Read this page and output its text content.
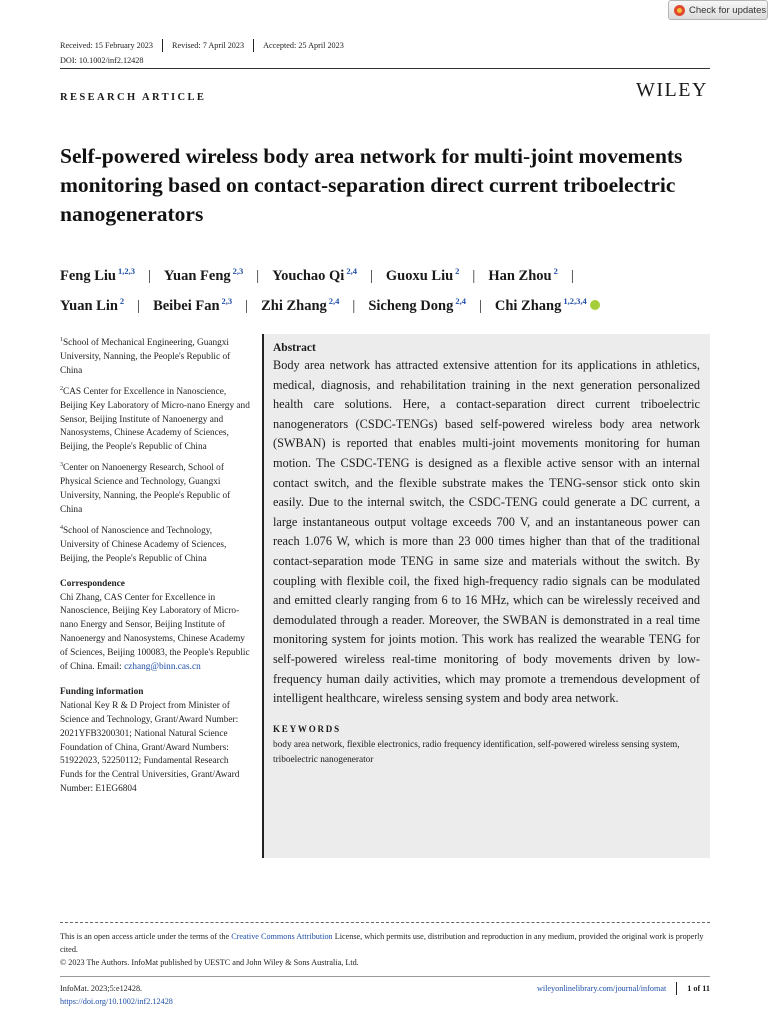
Check for updates
Received: 15 February 2023	Revised: 7 April 2023	Accepted: 25 April 2023
DOI: 10.1002/inf2.12428
RESEARCH ARTICLE	WILEY
Self-powered wireless body area network for multi-joint movements monitoring based on contact-separation direct current triboelectric nanogenerators
Feng Liu $^{1,2,3}$ | Yuan Feng $^{2,3}$ | Youchao Qi $^{2,4}$ | Guoxu Liu $^2$ | Han Zhou $^2$ |
Yuan Lin $^2$ | Beibei Fan $^{2,3}$ | Zhi Zhang $^{2,4}$ | Sicheng Dong $^{2,4}$ | Chi Zhang $^{1,2,3,4}$
$^1$School of Mechanical Engineering, Guangxi University, Nanning, the People's Republic of China
$^2$CAS Center for Excellence in Nanoscience, Beijing Key Laboratory of Micro-nano Energy and Sensor, Beijing Institute of Nanoenergy and Nanosystems, Chinese Academy of Sciences, Beijing, the People's Republic of China
$^3$Center on Nanoenergy Research, School of Physical Science and Technology, Guangxi University, Nanning, the People's Republic of China
$^4$School of Nanoscience and Technology, University of Chinese Academy of Sciences, Beijing, the People's Republic of China
Correspondence
Chi Zhang, CAS Center for Excellence in Nanoscience, Beijing Key Laboratory of Micro-nano Energy and Sensor, Beijing Institute of Nanoenergy and Nanosystems, Chinese Academy of Sciences, Beijing 100083, the People's Republic of China. Email: czhang@binn.cas.cn
Funding information
National Key R & D Project from Minister of Science and Technology, Grant/Award Number: 2021YFB3200301; National Natural Science Foundation of China, Grant/Award Numbers: 51922023, 52250112; Fundamental Research Funds for the Central Universities, Grant/Award Number: E1EG6804
Abstract

Body area network has attracted extensive attention for its applications in athletics, medical, diagnosis, and rehabilitation training in the next generation personalized health care solutions. Here, a contact-separation direct current triboelectric nanogenerators (CSDC-TENGs) based self-powered wireless body area network (SWBAN) is reported that enables multi-joint movements monitoring for human motion. The CSDC-TENG is designed as a flexible active sensor with an internal contact switch, and the flexible substrate makes the TENG-sensor stick onto skin easily. Due to the internal switch, the CSDC-TENG could generate a DC current, a large instantaneous output voltage exceeds 700 V, and an instantaneous power can reach 1.076 W, which is more than 23 000 times higher than that of the traditional contact-separation mode TENG in same size and materials without the switch. By coupling with flexible coil, the fixed high-frequency radio signals can be modulated and emitted clearly ranging from 6 to 16 MHz, which can be wirelessly received and demodulated through a reader. Moreover, the SWBAN is demonstrated in a real time monitoring system for joints motion. This work has realized the wearable TENG for self-powered wireless real-time monitoring of body movements driven by low-frequency human daily activities, which may promote a tremendous development of intelligent healthcare, wireless sensing system and body area network.

KEYWORDS
body area network, flexible electronics, radio frequency identification, self-powered wireless sensing system, triboelectric nanogenerator
This is an open access article under the terms of the Creative Commons Attribution License, which permits use, distribution and reproduction in any medium, provided the original work is properly cited.
© 2023 The Authors. InfoMat published by UESTC and John Wiley & Sons Australia, Ltd.
InfoMat. 2023;5:e12428.
https://doi.org/10.1002/inf2.12428
wileyonlinelibrary.com/journal/infomat	1 of 11
